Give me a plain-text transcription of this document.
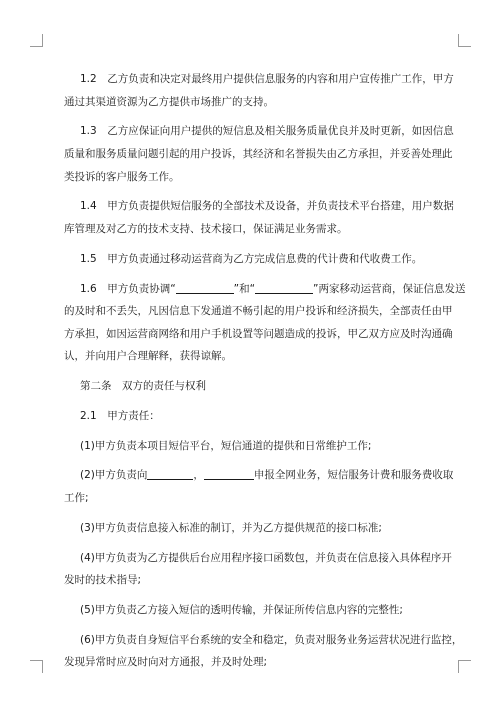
1.2　乙方负责和决定对最终用户提供信息服务的内容和用户宣传推广工作，甲方
通过其渠道资源为乙方提供市场推广的支持。
1.3　乙方应保证向用户提供的短信息及相关服务质量优良并及时更新，如因信息
质量和服务质量问题引起的用户投诉，其经济和名誉损失由乙方承担，并妥善处理此
类投诉的客户服务工作。
1.4　甲方负责提供短信服务的全部技术及设备，并负责技术平台搭建，用户数据
库管理及对乙方的技术支持、技术接口，保证满足业务需求。
1.5　甲方负责通过移动运营商为乙方完成信息费的代计费和代收费工作。
1.6　甲方负责协调“	”和“	”两家移动运营商，保证信息发送
的及时和不丢失，凡因信息下发通道不畅引起的用户投诉和经济损失，全部责任由甲
方承担，如因运营商网络和用户手机设置等问题造成的投诉，甲乙双方应及时沟通确
认，并向用户合理解释，获得谅解。
第二条　双方的责任与权利
2.1　甲方责任：
(1)甲方负责本项目短信平台，短信通道的提供和日常维护工作;
(2)甲方负责向	，	申报全网业务，短信服务计费和服务费收取
工作;
(3)甲方负责信息接入标准的制订，并为乙方提供规范的接口标准;
(4)甲方负责为乙方提供后台应用程序接口函数包，并负责在信息接入具体程序开
发时的技术指导;
(5)甲方负责乙方接入短信的透明传输，并保证所传信息内容的完整性;
(6)甲方负责自身短信平台系统的安全和稳定，负责对服务业务运营状况进行监控，
发现异常时应及时向对方通报，并及时处理;
